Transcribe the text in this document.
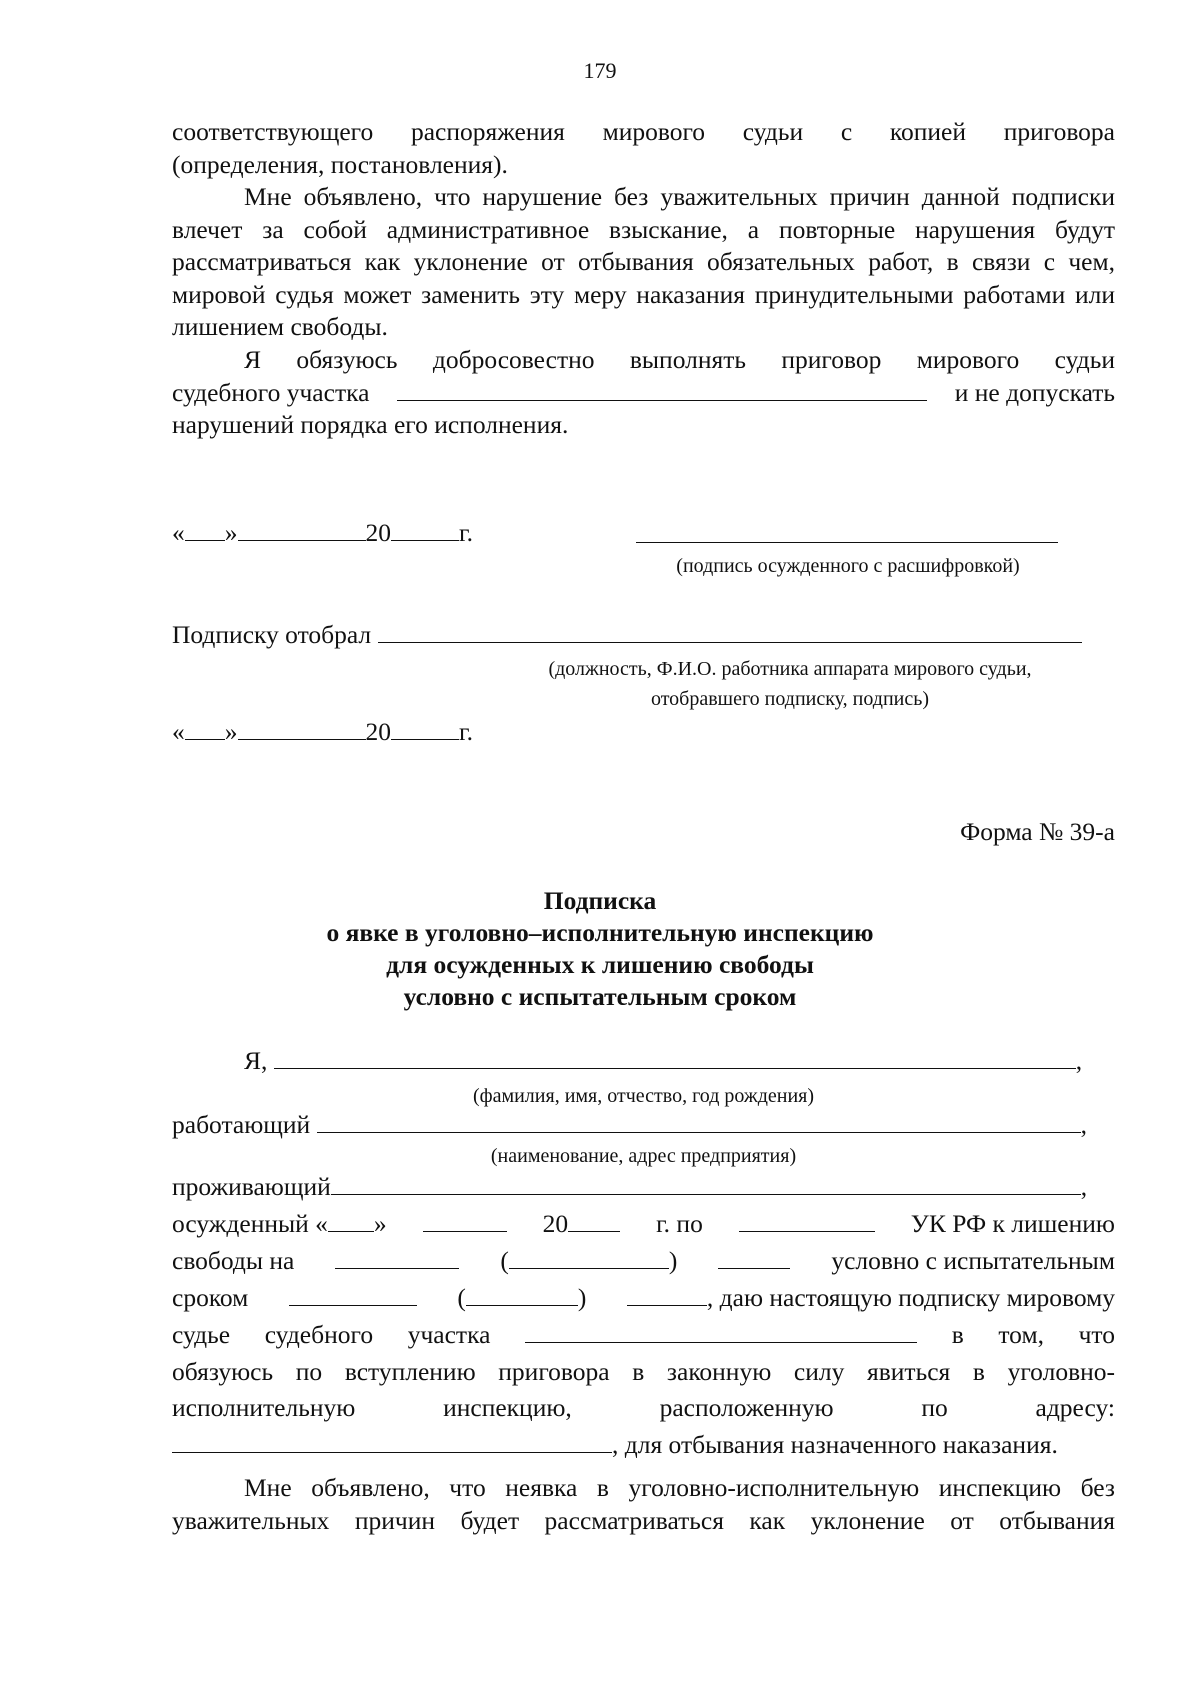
179
соответствующего распоряжения мирового судьи с копией приговора
(определения, постановления).
Мне объявлено, что нарушение без уважительных причин данной подписки влечет за собой административное взыскание, а повторные нарушения будут рассматриваться как уклонение от отбывания обязательных работ, в связи с чем, мировой судья может заменить эту меру наказания принудительными работами или лишением свободы.
Я обязуюсь добросовестно выполнять приговор мирового судьи
судебного участка	и не допускать
нарушений порядка его исполнения.
« »	20	г.
(подпись осужденного с расшифровкой)
Подписку отобрал
(должность, Ф.И.О. работника аппарата мирового судьи,
отобравшего подписку, подпись)
« »	20	г.
Форма № 39-а
Подписка
о явке в уголовно–исполнительную инспекцию
для осужденных к лишению свободы
условно с испытательным сроком
Я,	,
(фамилия, имя, отчество, год рождения)
работающий	,
(наименование, адрес предприятия)
проживающий	,
осужденный « »	20	г. по	УК РФ к лишению
свободы на	(	)	условно с испытательным
сроком	(	)	, даю настоящую подписку мировому
судье судебного участка	в том, что
обязуюсь по вступлению приговора в законную силу явиться в уголовно-
исполнительную	инспекцию,	расположенную	по	адресу:
, для отбывания назначенного наказания.
Мне объявлено, что неявка в уголовно-исполнительную инспекцию без
уважительных причин будет рассматриваться как уклонение от отбывания
